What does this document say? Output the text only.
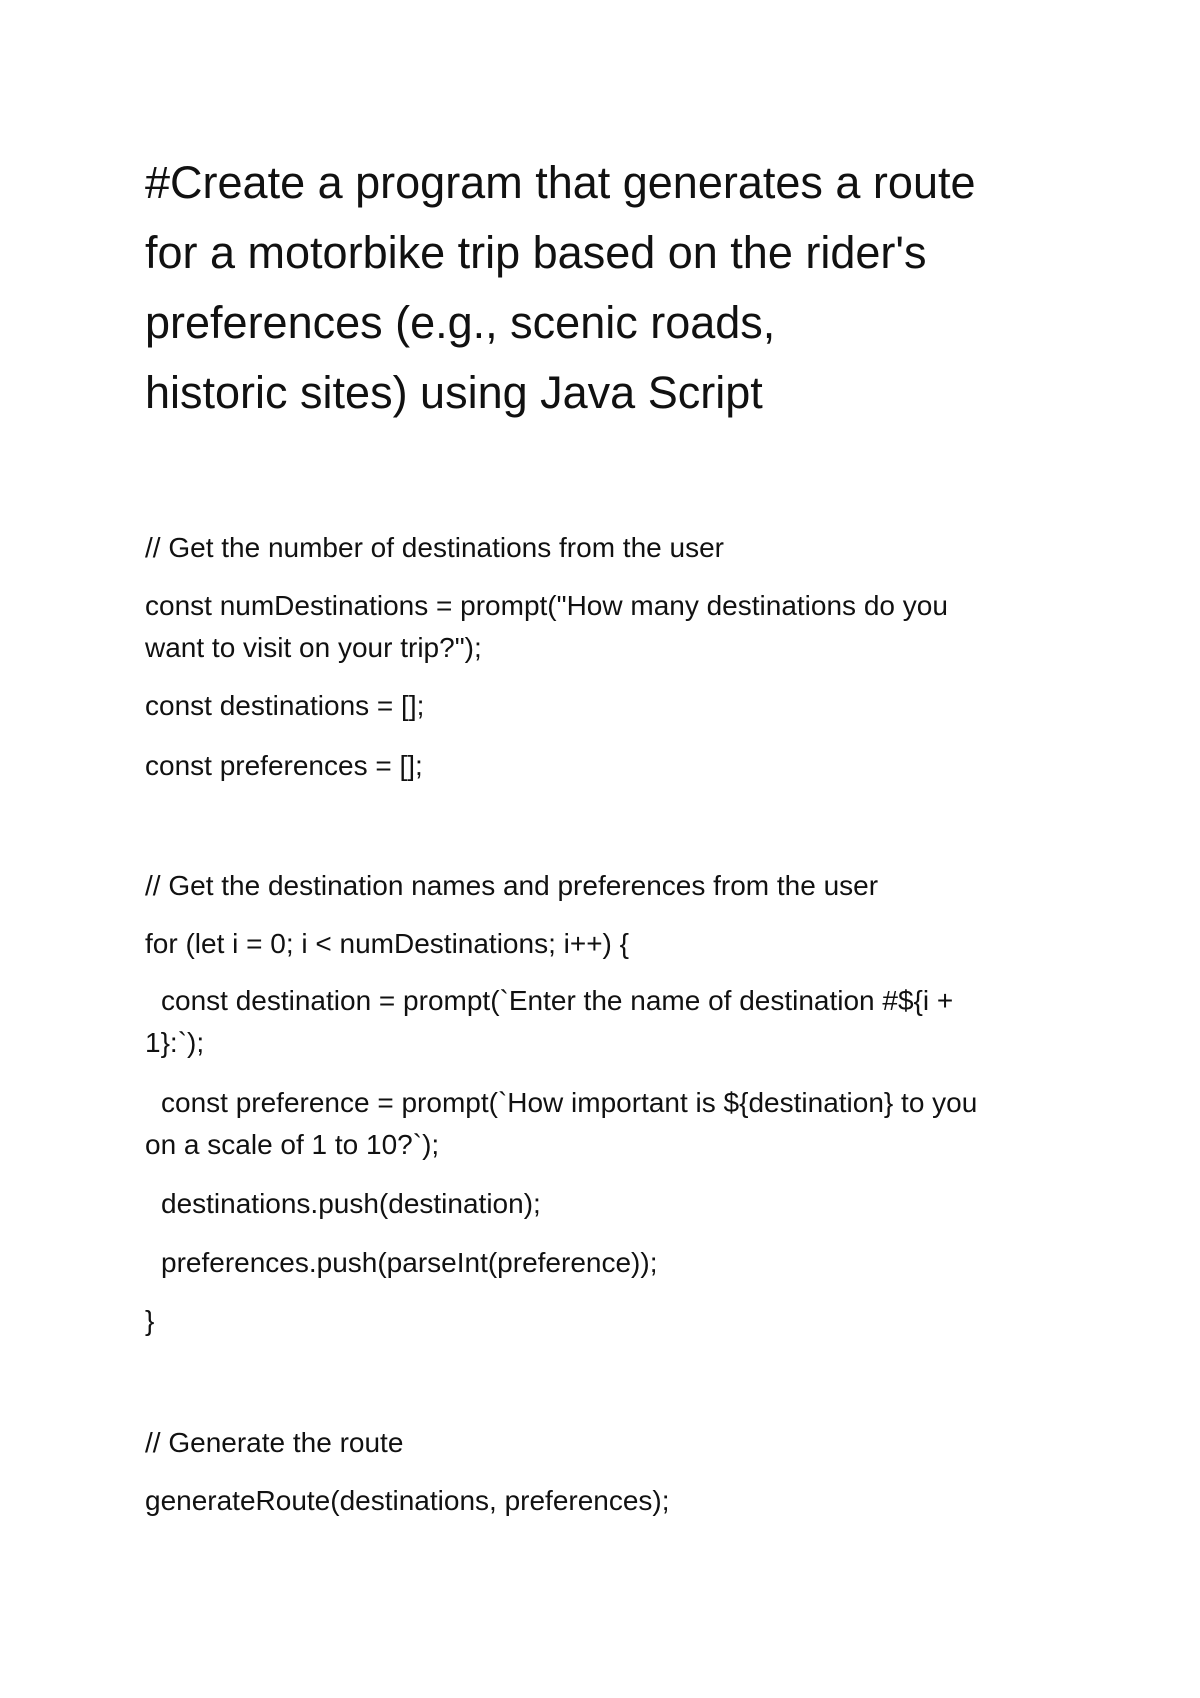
#Create a program that generates a route
for a motorbike trip based on the rider's
preferences (e.g., scenic roads,
historic sites) using Java Script
// Get the number of destinations from the user
const numDestinations = prompt("How many destinations do you
want to visit on your trip?");
const destinations = [];
const preferences = [];
// Get the destination names and preferences from the user
for (let i = 0; i < numDestinations; i++) {
const destination = prompt(`Enter the name of destination #${i +
1}:`);
const preference = prompt(`How important is ${destination} to you
on a scale of 1 to 10?`);
destinations.push(destination);
preferences.push(parseInt(preference));
}
// Generate the route
generateRoute(destinations, preferences);
